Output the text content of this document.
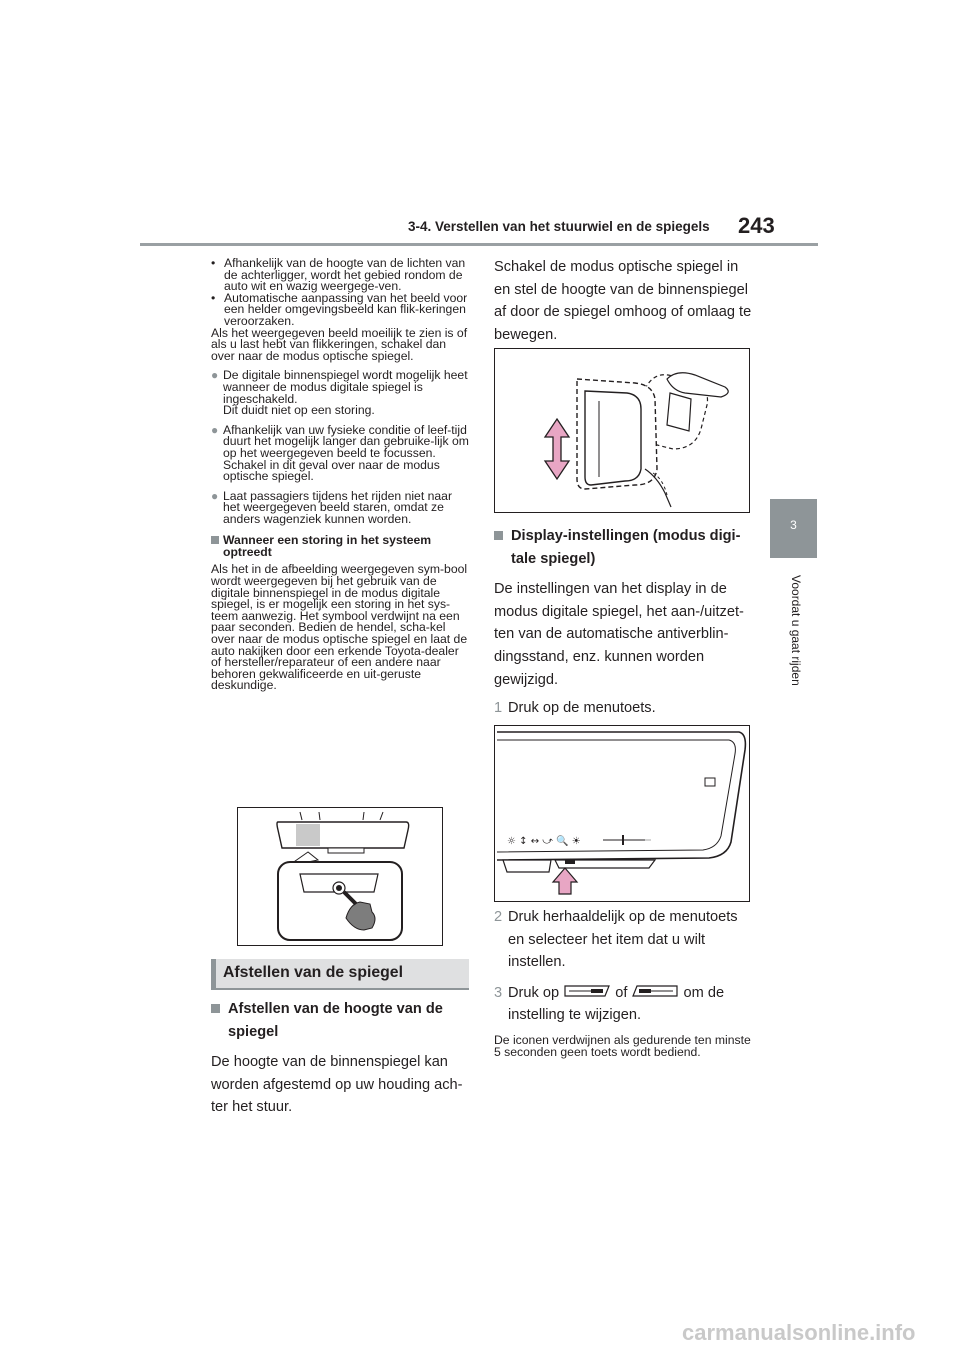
3-4. Verstellen van het stuurwiel en de spiegels 243
3
Voordat u gaat rijden
• Afhankelijk van de hoogte van de lichten van de achterligger, wordt het gebied rondom de auto wit en wazig weergege-ven.
• Automatische aanpassing van het beeld voor een helder omgevingsbeeld kan flik-keringen veroorzaken.
Als het weergegeven beeld moeilijk te zien is of als u last hebt van flikkeringen, schakel dan over naar de modus optische spiegel.
● De digitale binnenspiegel wordt mogelijk heet wanneer de modus digitale spiegel is ingeschakeld.
Dit duidt niet op een storing.
● Afhankelijk van uw fysieke conditie of leef-tijd duurt het mogelijk langer dan gebruike-lijk om op het weergegeven beeld te focussen. Schakel in dit geval over naar de modus optische spiegel.
● Laat passagiers tijdens het rijden niet naar het weergegeven beeld staren, omdat ze anders wagenziek kunnen worden.
Wanneer een storing in het systeem optreedt
Als het in de afbeelding weergegeven sym-bool wordt weergegeven bij het gebruik van de digitale binnenspiegel in de modus digitale spiegel, is er mogelijk een storing in het sys-teem aanwezig. Het symbool verdwijnt na een paar seconden. Bedien de hendel, scha-kel over naar de modus optische spiegel en laat de auto nakijken door een erkende Toyota-dealer of hersteller/reparateur of een andere naar behoren gekwalificeerde en uit-geruste deskundige.
Afstellen van de spiegel
Afstellen van de hoogte van de spiegel
De hoogte van de binnenspiegel kan worden afgestemd op uw houding ach-ter het stuur.
Schakel de modus optische spiegel in en stel de hoogte van de binnenspiegel af door de spiegel omhoog of omlaag te bewegen.
Display-instellingen (modus digi-tale spiegel)
De instellingen van het display in de modus digitale spiegel, het aan-/uitzet-ten van de automatische antiverblin-dingsstand, enz. kunnen worden gewijzigd.
1 Druk op de menutoets.
☼ ↕ ↔ ⤻ 🔍 ☀
2 Druk herhaaldelijk op de menutoets en selecteer het item dat u wilt instellen.
3 Druk op	of	om de instelling te wijzigen.
De iconen verdwijnen als gedurende ten minste 5 seconden geen toets wordt bediend.
carmanualsonline.info
